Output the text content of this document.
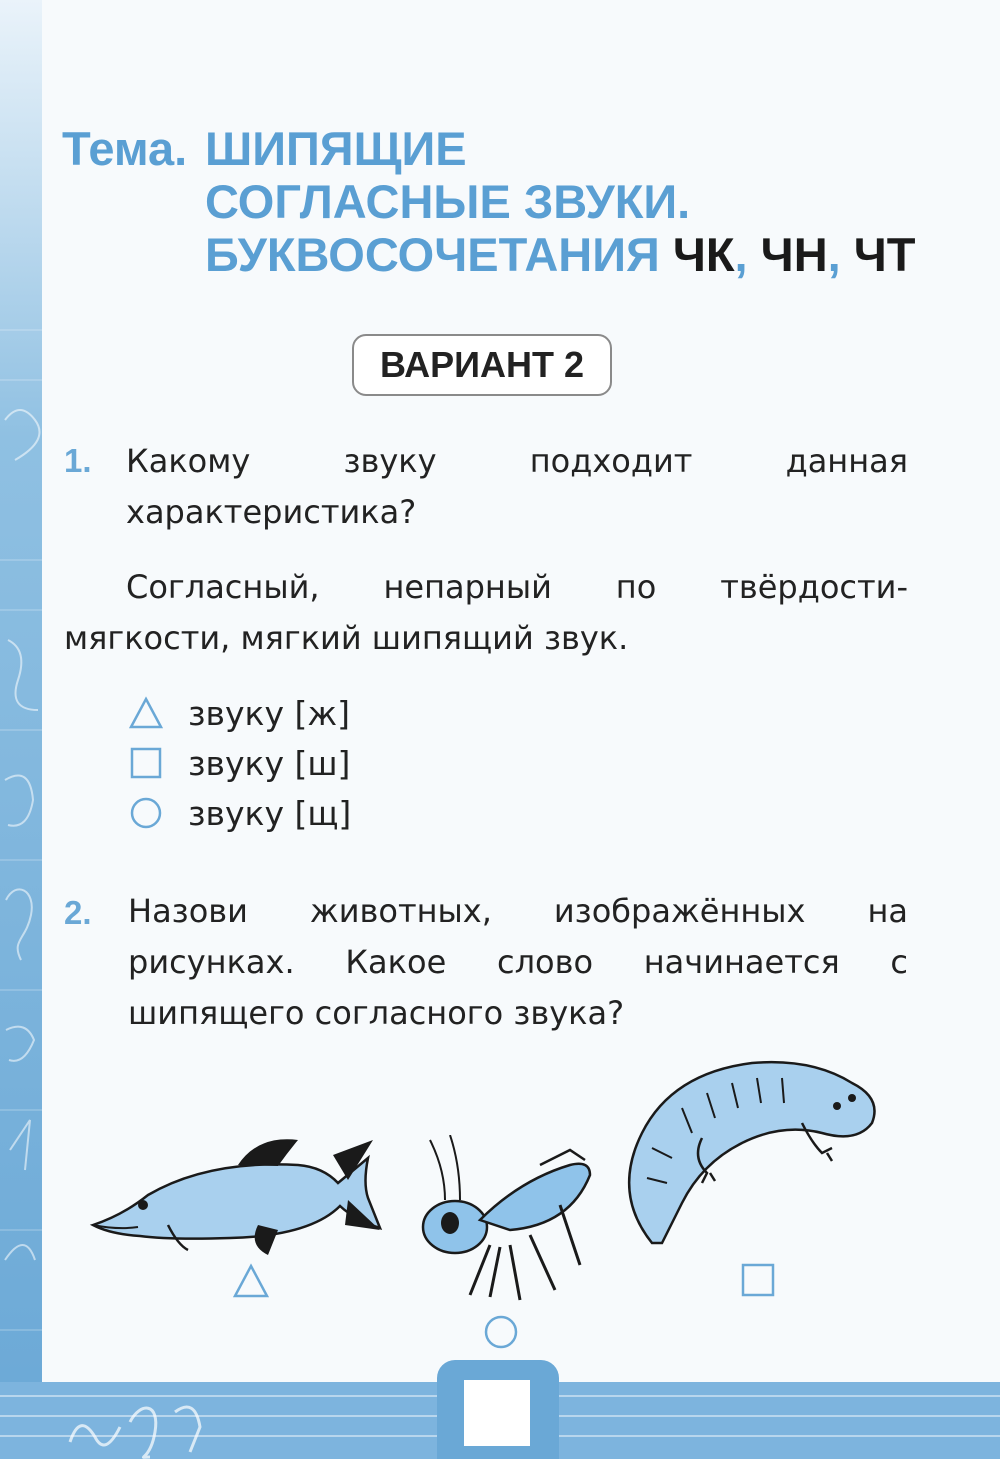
Тема. ШИПЯЩИЕ
СОГЛАСНЫЕ ЗВУКИ.
БУКВОСОЧЕТАНИЯ ЧК, ЧН, ЧТ
ВАРИАНТ 2
1. Какому звуку подходит данная характеристика?
Согласный, непарный по твёрдости-мягкости, мягкий шипящий звук.
звуку [ж]
звуку [ш]
звуку [щ]
2. Назови животных, изображённых на рисунках. Какое слово начинается с шипящего согласного звука?
